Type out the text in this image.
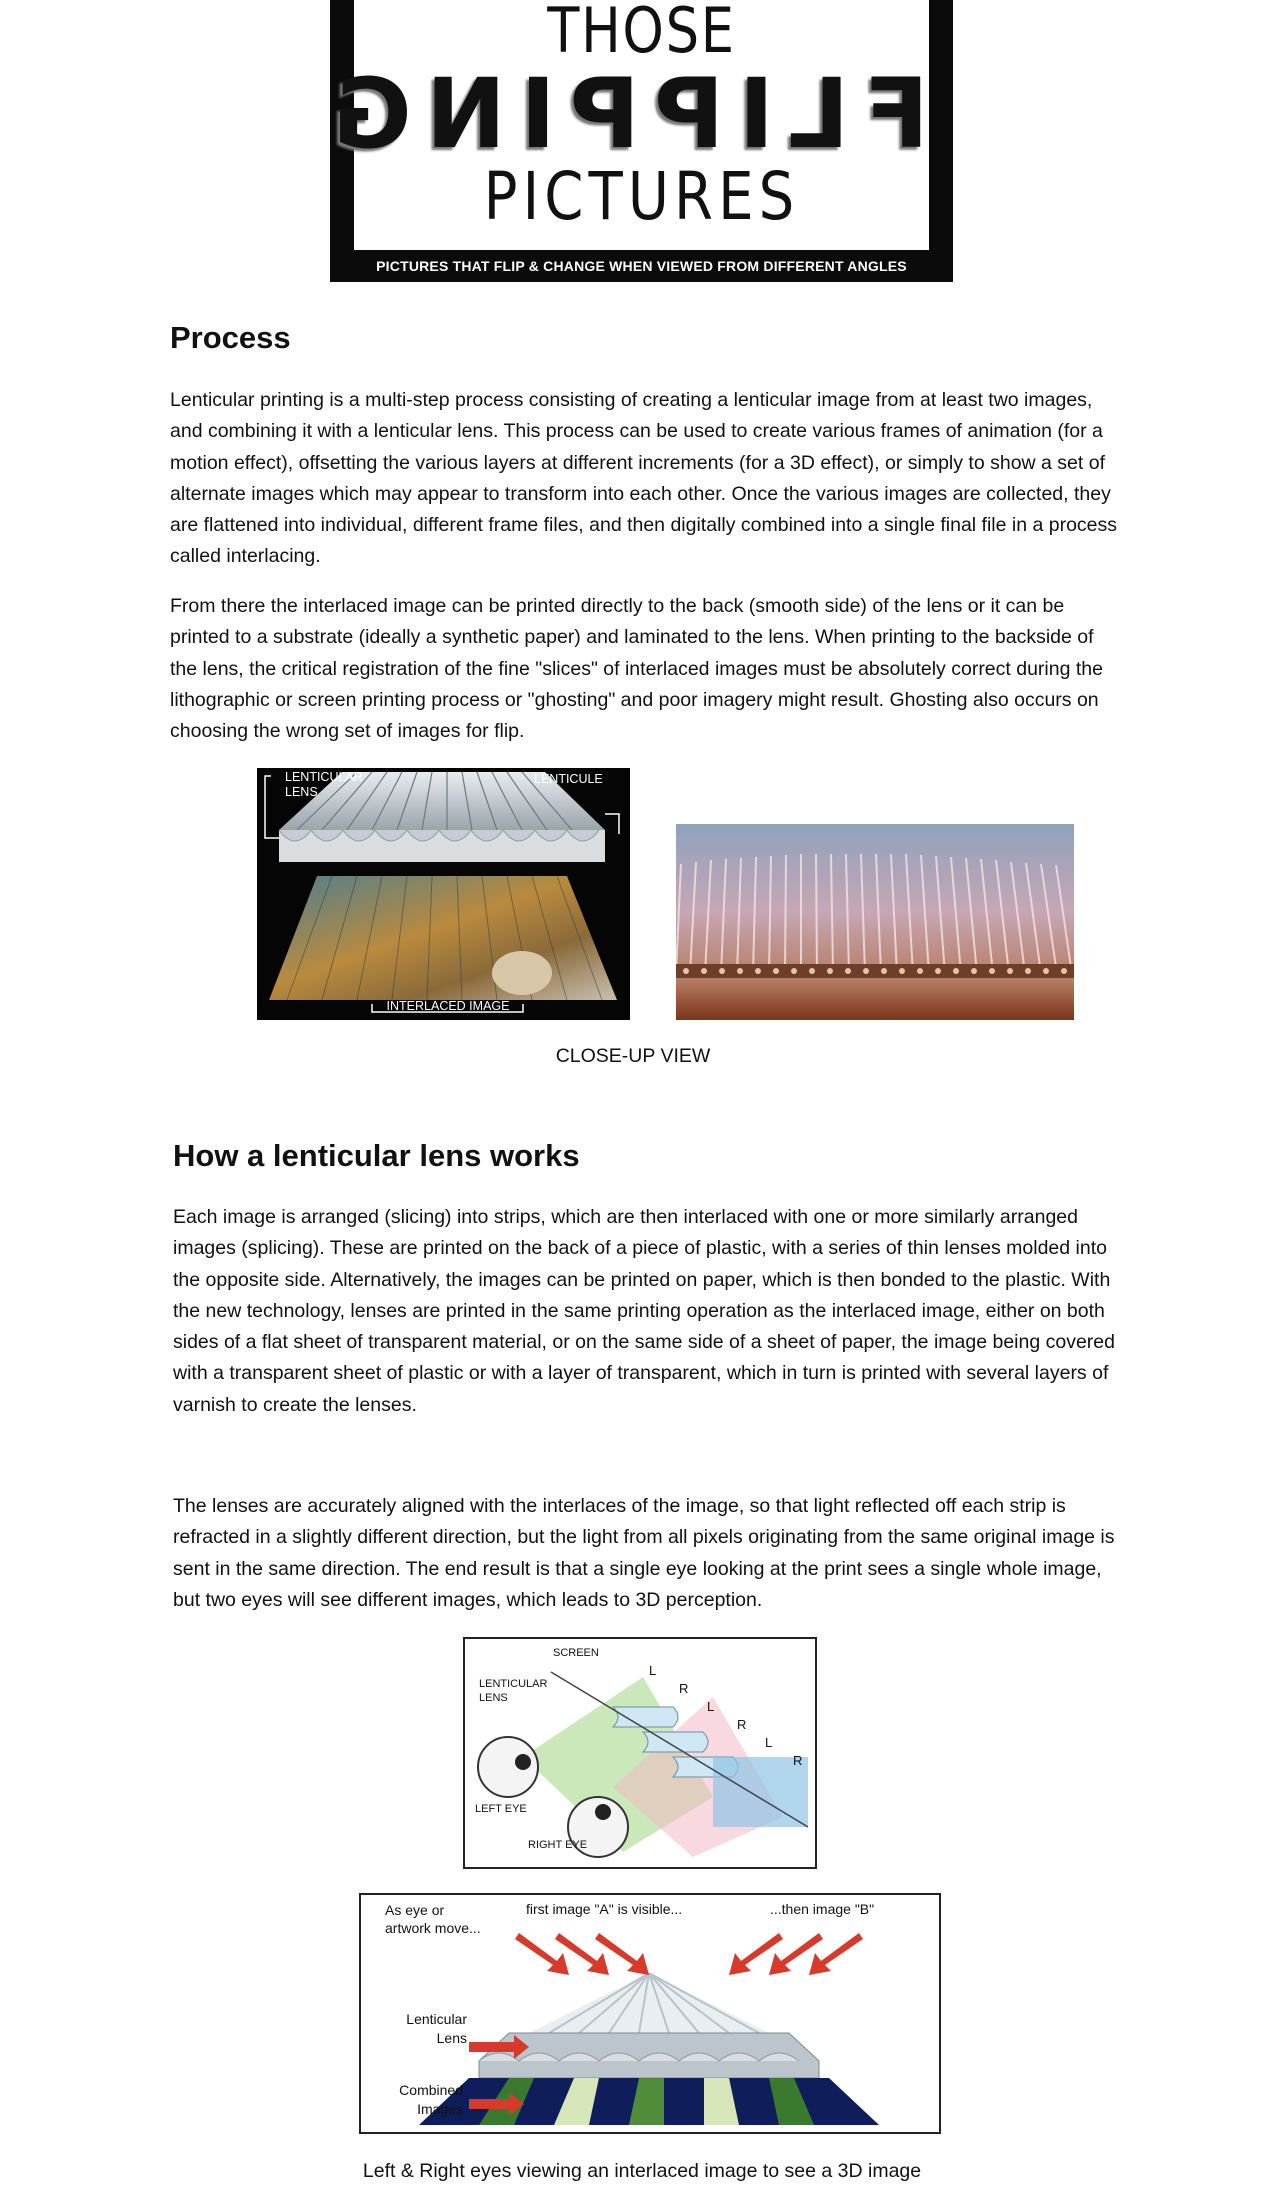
THOSE
FLIPPING
PICTURES
PICTURES THAT FLIP & CHANGE WHEN VIEWED FROM DIFFERENT ANGLES
Process
Lenticular printing is a multi-step process consisting of creating a lenticular image from at least two images, and combining it with a lenticular lens. This process can be used to create various frames of animation (for a motion effect), offsetting the various layers at different increments (for a 3D effect), or simply to show a set of alternate images which may appear to transform into each other. Once the various images are collected, they are flattened into individual, different frame files, and then digitally combined into a single final file in a process called interlacing.
From there the interlaced image can be printed directly to the back (smooth side) of the lens or it can be printed to a substrate (ideally a synthetic paper) and laminated to the lens. When printing to the backside of the lens, the critical registration of the fine "slices" of interlaced images must be absolutely correct during the lithographic or screen printing process or "ghosting" and poor imagery might result. Ghosting also occurs on choosing the wrong set of images for flip.
LENTICULAR
LENS
LENTICULE
INTERLACED IMAGE
CLOSE-UP VIEW
How a lenticular lens works
Each image is arranged (slicing) into strips, which are then interlaced with one or more similarly arranged images (splicing). These are printed on the back of a piece of plastic, with a series of thin lenses molded into the opposite side. Alternatively, the images can be printed on paper, which is then bonded to the plastic. With the new technology, lenses are printed in the same printing operation as the interlaced image, either on both sides of a flat sheet of transparent material, or on the same side of a sheet of paper, the image being covered with a transparent sheet of plastic or with a layer of transparent, which in turn is printed with several layers of varnish to create the lenses.
The lenses are accurately aligned with the interlaces of the image, so that light reflected off each strip is refracted in a slightly different direction, but the light from all pixels originating from the same original image is sent in the same direction. The end result is that a single eye looking at the print sees a single whole image, but two eyes will see different images, which leads to 3D perception.
SCREEN
LENTICULAR
LENS
L
R
L
R
L
R
LEFT EYE
RIGHT EYE
As eye or
artwork move...
first image "A" is visible...	...then image "B"
Lenticular
Lens
Combined
Images
Left & Right eyes viewing an interlaced image to see a 3D image
